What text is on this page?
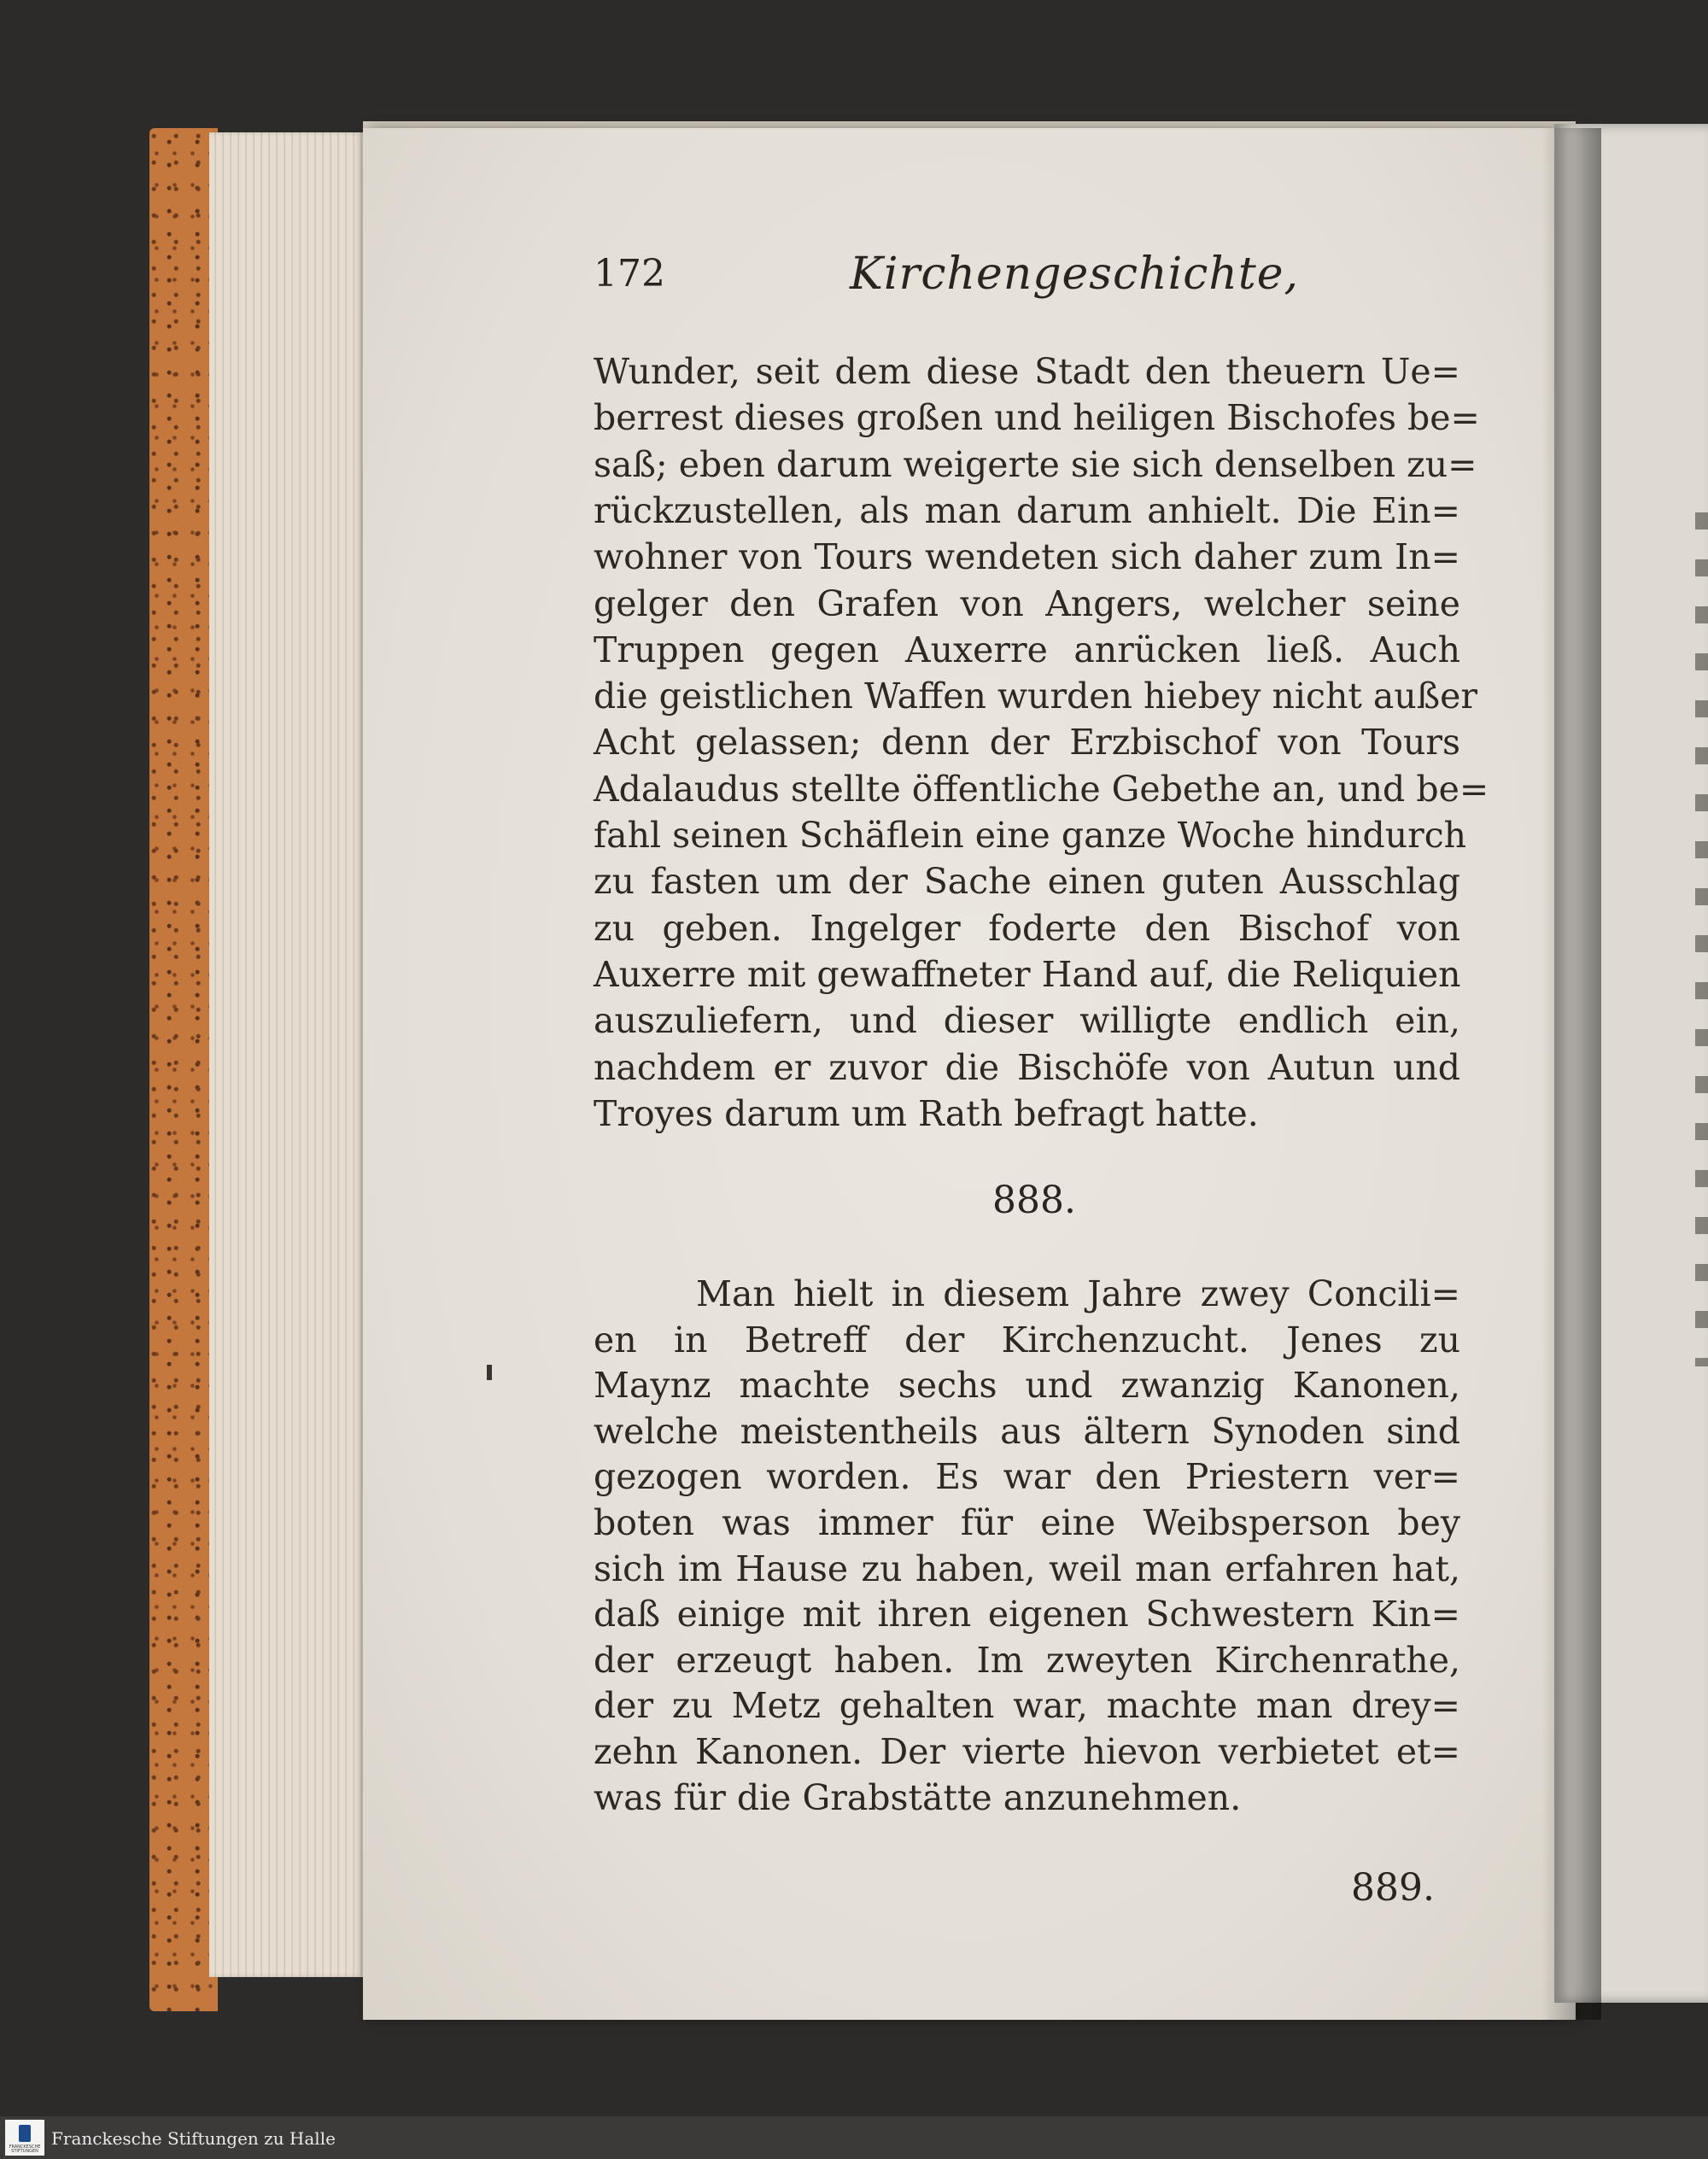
172	Kirchengeschichte,
Wunder, seit dem diese Stadt den theuern Ue=
berrest dieses großen und heiligen Bischofes be=
saß; eben darum weigerte sie sich denselben zu=
rückzustellen, als man darum anhielt. Die Ein=
wohner von Tours wendeten sich daher zum In=
gelger den Grafen von Angers, welcher seine
Truppen gegen Auxerre anrücken ließ. Auch
die geistlichen Waffen wurden hiebey nicht außer
Acht gelassen; denn der Erzbischof von Tours
Adalaudus stellte öffentliche Gebethe an, und be=
fahl seinen Schäflein eine ganze Woche hindurch
zu fasten um der Sache einen guten Ausschlag
zu geben. Ingelger foderte den Bischof von
Auxerre mit gewaffneter Hand auf, die Reliquien
auszuliefern, und dieser willigte endlich ein,
nachdem er zuvor die Bischöfe von Autun und
Troyes darum um Rath befragt hatte.
888.
Man hielt in diesem Jahre zwey Concili=
en in Betreff der Kirchenzucht. Jenes zu
Maynz machte sechs und zwanzig Kanonen,
welche meistentheils aus ältern Synoden sind
gezogen worden. Es war den Priestern ver=
boten was immer für eine Weibsperson bey
sich im Hause zu haben, weil man erfahren hat,
daß einige mit ihren eigenen Schwestern Kin=
der erzeugt haben. Im zweyten Kirchenrathe,
der zu Metz gehalten war, machte man drey=
zehn Kanonen. Der vierte hievon verbietet et=
was für die Grabstätte anzunehmen.
889.
FRANCKESCHE STIFTUNGEN
Franckesche Stiftungen zu Halle
